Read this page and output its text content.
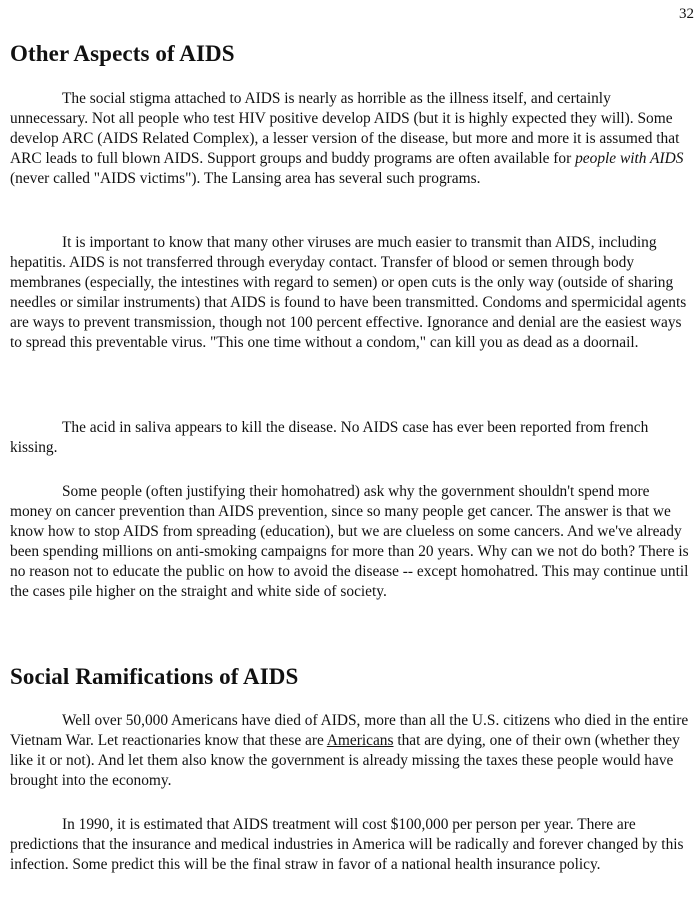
32
Other Aspects of AIDS

The social stigma attached to AIDS is nearly as horrible as the illness itself, and certainly unnecessary. Not all people who test HIV positive develop AIDS (but it is highly expected they will). Some develop ARC (AIDS Related Complex), a lesser version of the disease, but more and more it is assumed that ARC leads to full blown AIDS. Support groups and buddy programs are often available for people with AIDS (never called "AIDS victims"). The Lansing area has several such programs.

It is important to know that many other viruses are much easier to transmit than AIDS, including hepatitis. AIDS is not transferred through everyday contact. Transfer of blood or semen through body membranes (especially, the intestines with regard to semen) or open cuts is the only way (outside of sharing needles or similar instruments) that AIDS is found to have been transmitted. Condoms and spermicidal agents are ways to prevent transmission, though not 100 percent effective. Ignorance and denial are the easiest ways to spread this preventable virus. "This one time without a condom," can kill you as dead as a doornail.

The acid in saliva appears to kill the disease. No AIDS case has ever been reported from french kissing.

Some people (often justifying their homohatred) ask why the government shouldn't spend more money on cancer prevention than AIDS prevention, since so many people get cancer. The answer is that we know how to stop AIDS from spreading (education), but we are clueless on some cancers. And we've already been spending millions on anti-smoking campaigns for more than 20 years. Why can we not do both? There is no reason not to educate the public on how to avoid the disease -- except homohatred. This may continue until the cases pile higher on the straight and white side of society.

Social Ramifications of AIDS

Well over 50,000 Americans have died of AIDS, more than all the U.S. citizens who died in the entire Vietnam War. Let reactionaries know that these are Americans that are dying, one of their own (whether they like it or not). And let them also know the government is already missing the taxes these people would have brought into the economy.

In 1990, it is estimated that AIDS treatment will cost $100,000 per person per year. There are predictions that the insurance and medical industries in America will be radically and forever changed by this infection. Some predict this will be the final straw in favor of a national health insurance policy.
